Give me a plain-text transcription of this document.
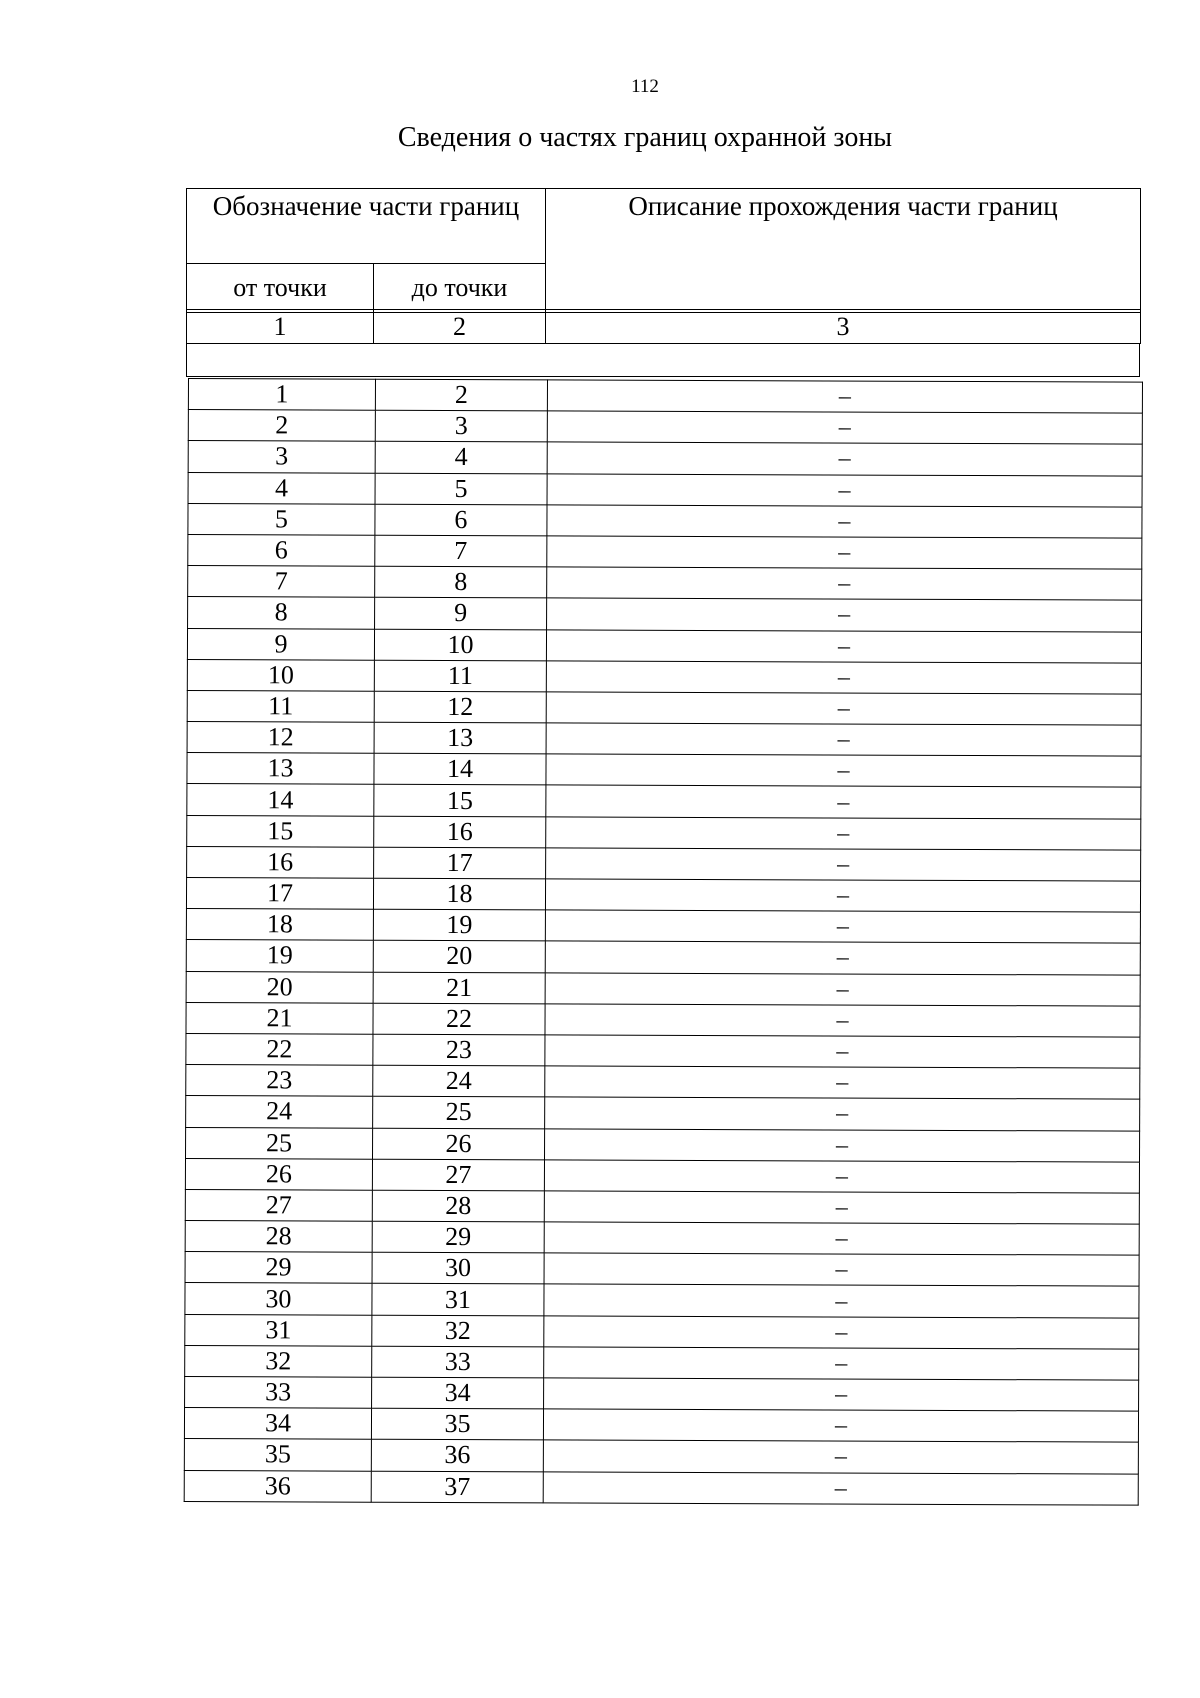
112
Сведения о частях границ охранной зоны
Обозначение части границ		Описание прохождения части границ
от точки	до точки	
1	2	3
1	2	–
2	3	–
3	4	–
4	5	–
5	6	–
6	7	–
7	8	–
8	9	–
9	10	–
10	11	–
11	12	–
12	13	–
13	14	–
14	15	–
15	16	–
16	17	–
17	18	–
18	19	–
19	20	–
20	21	–
21	22	–
22	23	–
23	24	–
24	25	–
25	26	–
26	27	–
27	28	–
28	29	–
29	30	–
30	31	–
31	32	–
32	33	–
33	34	–
34	35	–
35	36	–
36	37	–
